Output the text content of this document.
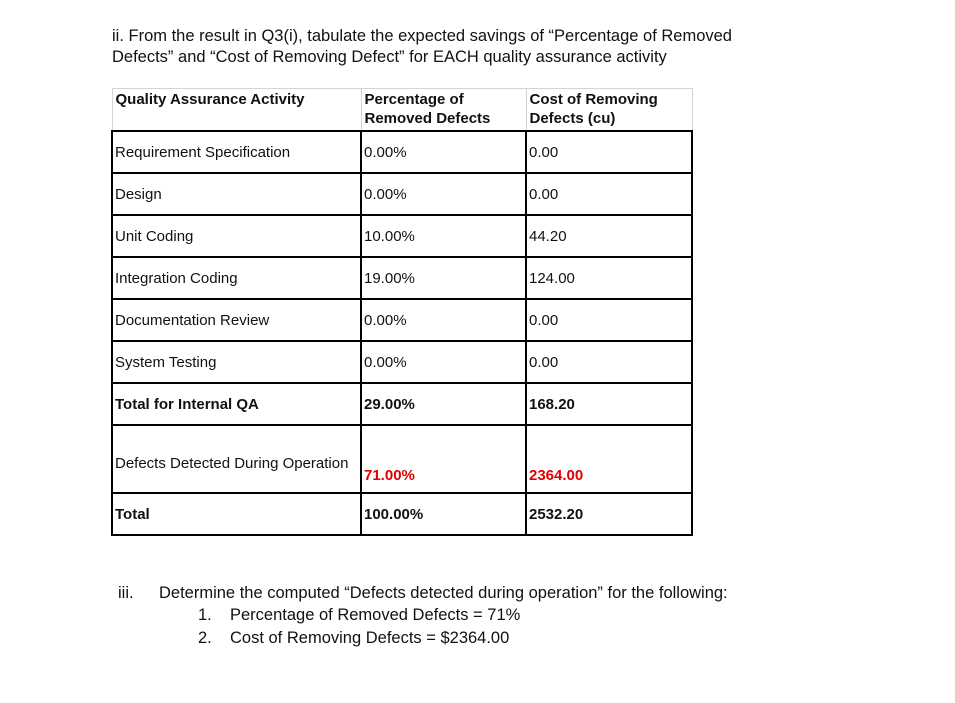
ii. From the result in Q3(i), tabulate the expected savings of “Percentage of Removed
Defects” and “Cost of Removing Defect” for EACH quality assurance activity

Quality Assurance Activity	Percentage of Removed Defects	Cost of Removing Defects (cu)
Requirement Specification	0.00%	0.00
Design	0.00%	0.00
Unit Coding	10.00%	44.20
Integration Coding	19.00%	124.00
Documentation Review	0.00%	0.00
System Testing	0.00%	0.00
Total for Internal QA	29.00%	168.20
Defects Detected During Operation	71.00%	2364.00
Total	100.00%	2532.20
iii. Determine the computed “Defects detected during operation” for the following:
1. Percentage of Removed Defects = 71%
2. Cost of Removing Defects = $2364.00
